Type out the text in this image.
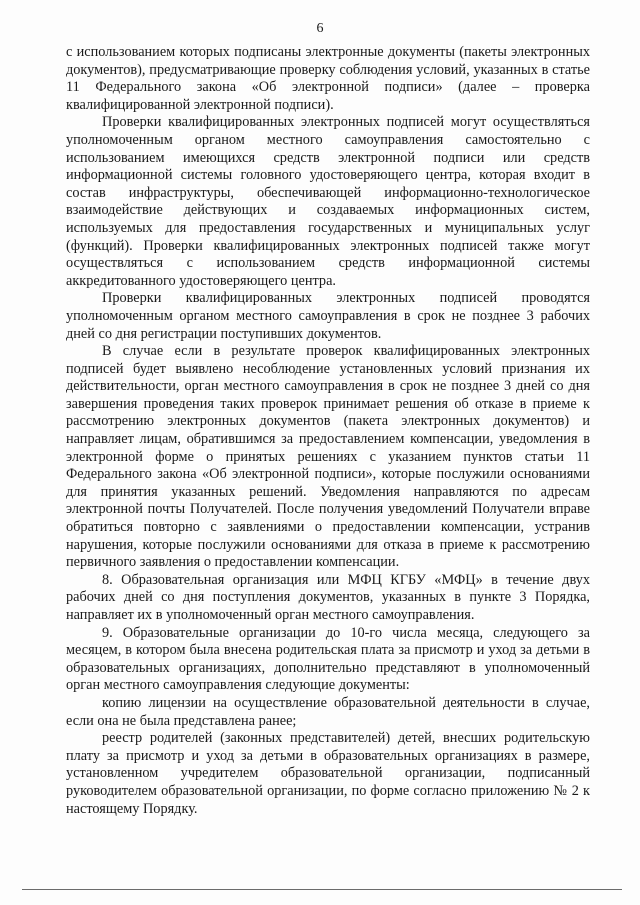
6

с использованием которых подписаны электронные документы (пакеты электронных документов), предусматривающие проверку соблюдения условий, указанных в статье 11 Федерального закона «Об электронной подписи» (далее – проверка квалифицированной электронной подписи).

Проверки квалифицированных электронных подписей могут осуществляться уполномоченным органом местного самоуправления самостоятельно с использованием имеющихся средств электронной подписи или средств информационной системы головного удостоверяющего центра, которая входит в состав инфраструктуры, обеспечивающей информационно-технологическое взаимодействие действующих и создаваемых информационных систем, используемых для предоставления государственных и муниципальных услуг (функций). Проверки квалифицированных электронных подписей также могут осуществляться с использованием средств информационной системы аккредитованного удостоверяющего центра.

Проверки квалифицированных электронных подписей проводятся уполномоченным органом местного самоуправления в срок не позднее 3 рабочих дней со дня регистрации поступивших документов.

В случае если в результате проверок квалифицированных электронных подписей будет выявлено несоблюдение установленных условий признания их действительности, орган местного самоуправления в срок не позднее 3 дней со дня завершения проведения таких проверок принимает решения об отказе в приеме к рассмотрению электронных документов (пакета электронных документов) и направляет лицам, обратившимся за предоставлением компенсации, уведомления в электронной форме о принятых решениях с указанием пунктов статьи 11 Федерального закона «Об электронной подписи», которые послужили основаниями для принятия указанных решений. Уведомления направляются по адресам электронной почты Получателей. После получения уведомлений Получатели вправе обратиться повторно с заявлениями о предоставлении компенсации, устранив нарушения, которые послужили основаниями для отказа в приеме к рассмотрению первичного заявления о предоставлении компенсации.

8. Образовательная организация или МФЦ КГБУ «МФЦ» в течение двух рабочих дней со дня поступления документов, указанных в пункте 3 Порядка, направляет их в уполномоченный орган местного самоуправления.

9. Образовательные организации до 10-го числа месяца, следующего за месяцем, в котором была внесена родительская плата за присмотр и уход за детьми в образовательных организациях, дополнительно представляют в уполномоченный орган местного самоуправления следующие документы:

копию лицензии на осуществление образовательной деятельности в случае, если она не была представлена ранее;

реестр родителей (законных представителей) детей, внесших родительскую плату за присмотр и уход за детьми в образовательных организациях в размере, установленном учредителем образовательной организации, подписанный руководителем образовательной организации, по форме согласно приложению № 2 к настоящему Порядку.
